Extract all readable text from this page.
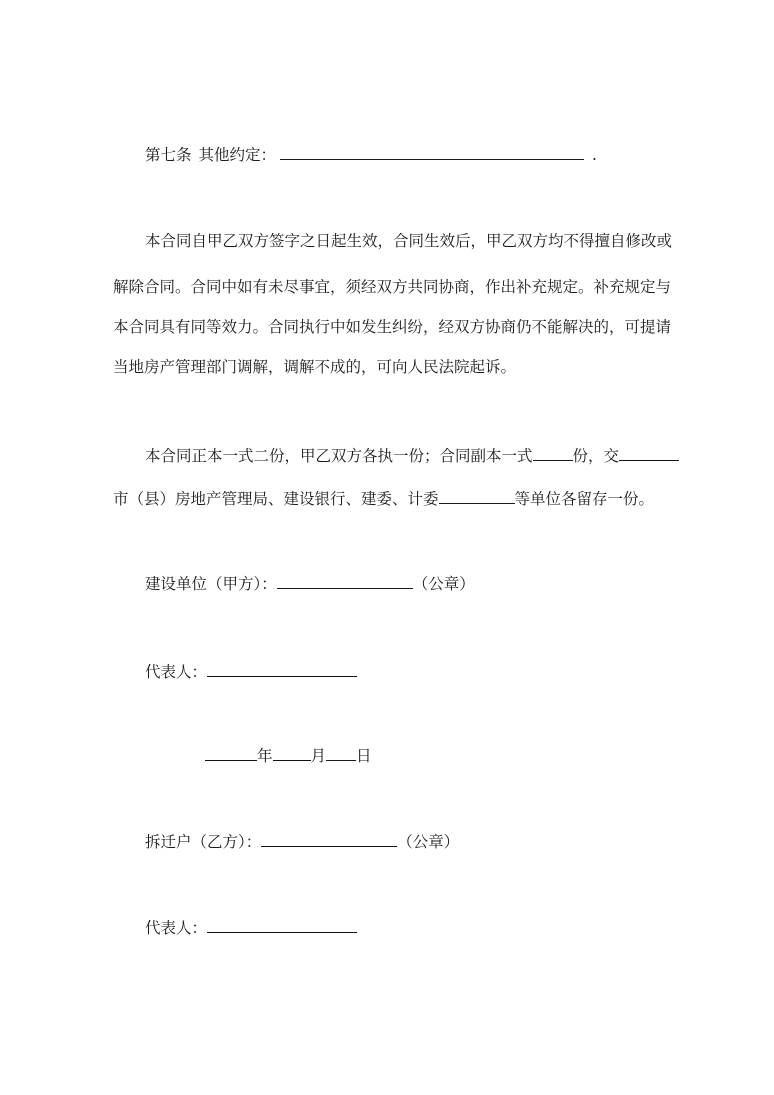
第七条 其他约定：	.
本合同自甲乙双方签字之日起生效，合同生效后，甲乙双方均不得擅自修改或
解除合同。合同中如有未尽事宜，须经双方共同协商，作出补充规定。补充规定与
本合同具有同等效力。合同执行中如发生纠纷，经双方协商仍不能解决的，可提请
当地房产管理部门调解，调解不成的，可向人民法院起诉。
本合同正本一式二份，甲乙双方各执一份；合同副本一式	份，交
市（县）房地产管理局、建设银行、建委、计委	等单位各留存一份。
建设单位（甲方）：	（公章）
代表人：
年 月 日
拆迁户（乙方）：	（公章）
代表人：
